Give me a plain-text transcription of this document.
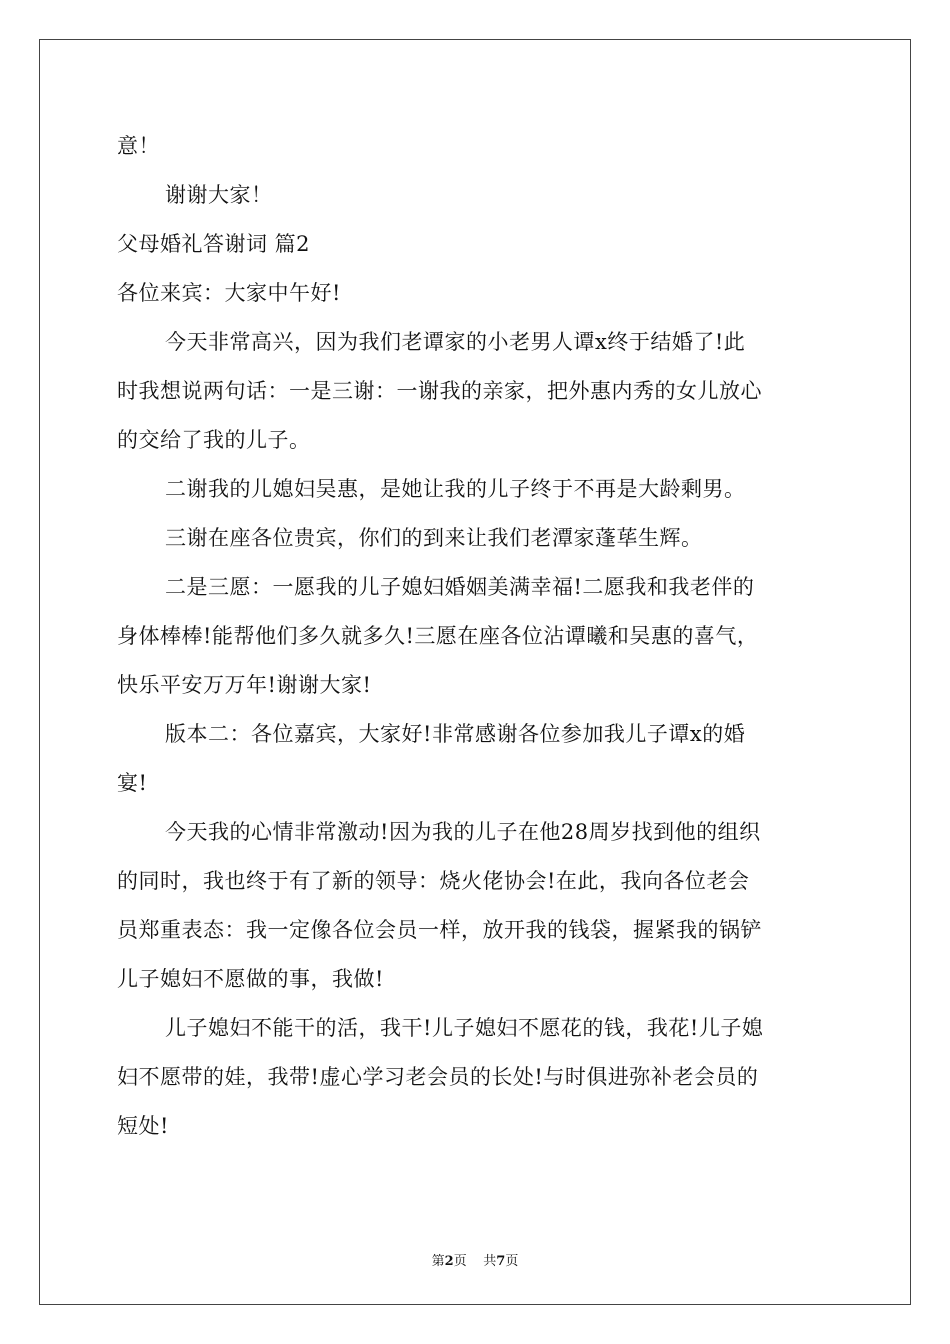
意！

谢谢大家！

父母婚礼答谢词 篇2

各位来宾：大家中午好!

今天非常高兴，因为我们老谭家的小老男人谭x终于结婚了!此

时我想说两句话：一是三谢：一谢我的亲家，把外惠内秀的女儿放心

的交给了我的儿子。

二谢我的儿媳妇吴惠，是她让我的儿子终于不再是大龄剩男。

三谢在座各位贵宾，你们的到来让我们老潭家蓬荜生辉。

二是三愿：一愿我的儿子媳妇婚姻美满幸福!二愿我和我老伴的

身体棒棒!能帮他们多久就多久!三愿在座各位沾谭曦和吴惠的喜气，

快乐平安万万年!谢谢大家!

版本二：各位嘉宾，大家好!非常感谢各位参加我儿子谭x的婚

宴!

今天我的心情非常激动!因为我的儿子在他28周岁找到他的组织

的同时，我也终于有了新的领导：烧火佬协会!在此，我向各位老会

员郑重表态：我一定像各位会员一样，放开我的钱袋，握紧我的锅铲

儿子媳妇不愿做的事，我做!

儿子媳妇不能干的活，我干!儿子媳妇不愿花的钱，我花!儿子媳

妇不愿带的娃，我带!虚心学习老会员的长处!与时俱进弥补老会员的

短处!

第2页 共7页
